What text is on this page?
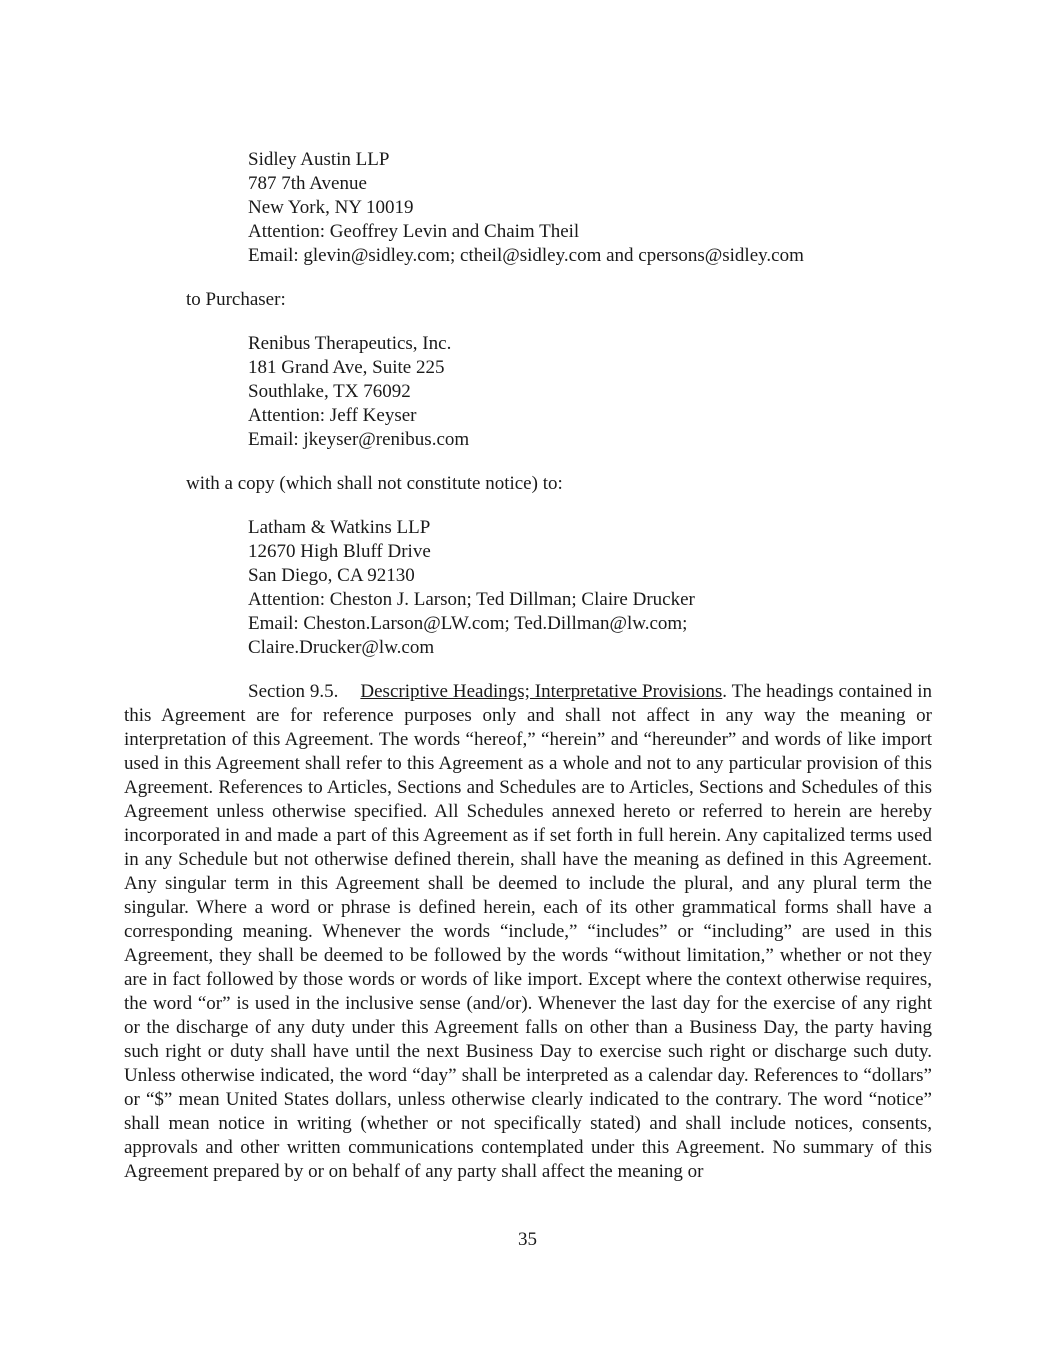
Sidley Austin LLP
787 7th Avenue
New York, NY 10019
Attention: Geoffrey Levin and Chaim Theil
Email: glevin@sidley.com; ctheil@sidley.com and cpersons@sidley.com
to Purchaser:
Renibus Therapeutics, Inc.
181 Grand Ave, Suite 225
Southlake, TX 76092
Attention: Jeff Keyser
Email: jkeyser@renibus.com
with a copy (which shall not constitute notice) to:
Latham & Watkins LLP
12670 High Bluff Drive
San Diego, CA 92130
Attention: Cheston J. Larson; Ted Dillman; Claire Drucker
Email: Cheston.Larson@LW.com; Ted.Dillman@lw.com;
Claire.Drucker@lw.com
Section 9.5. Descriptive Headings; Interpretative Provisions. The headings contained in this Agreement are for reference purposes only and shall not affect in any way the meaning or interpretation of this Agreement. The words “hereof,” “herein” and “hereunder” and words of like import used in this Agreement shall refer to this Agreement as a whole and not to any particular provision of this Agreement. References to Articles, Sections and Schedules are to Articles, Sections and Schedules of this Agreement unless otherwise specified. All Schedules annexed hereto or referred to herein are hereby incorporated in and made a part of this Agreement as if set forth in full herein. Any capitalized terms used in any Schedule but not otherwise defined therein, shall have the meaning as defined in this Agreement. Any singular term in this Agreement shall be deemed to include the plural, and any plural term the singular. Where a word or phrase is defined herein, each of its other grammatical forms shall have a corresponding meaning. Whenever the words “include,” “includes” or “including” are used in this Agreement, they shall be deemed to be followed by the words “without limitation,” whether or not they are in fact followed by those words or words of like import. Except where the context otherwise requires, the word “or” is used in the inclusive sense (and/or). Whenever the last day for the exercise of any right or the discharge of any duty under this Agreement falls on other than a Business Day, the party having such right or duty shall have until the next Business Day to exercise such right or discharge such duty. Unless otherwise indicated, the word “day” shall be interpreted as a calendar day. References to “dollars” or “$” mean United States dollars, unless otherwise clearly indicated to the contrary. The word “notice” shall mean notice in writing (whether or not specifically stated) and shall include notices, consents, approvals and other written communications contemplated under this Agreement. No summary of this Agreement prepared by or on behalf of any party shall affect the meaning or
35
